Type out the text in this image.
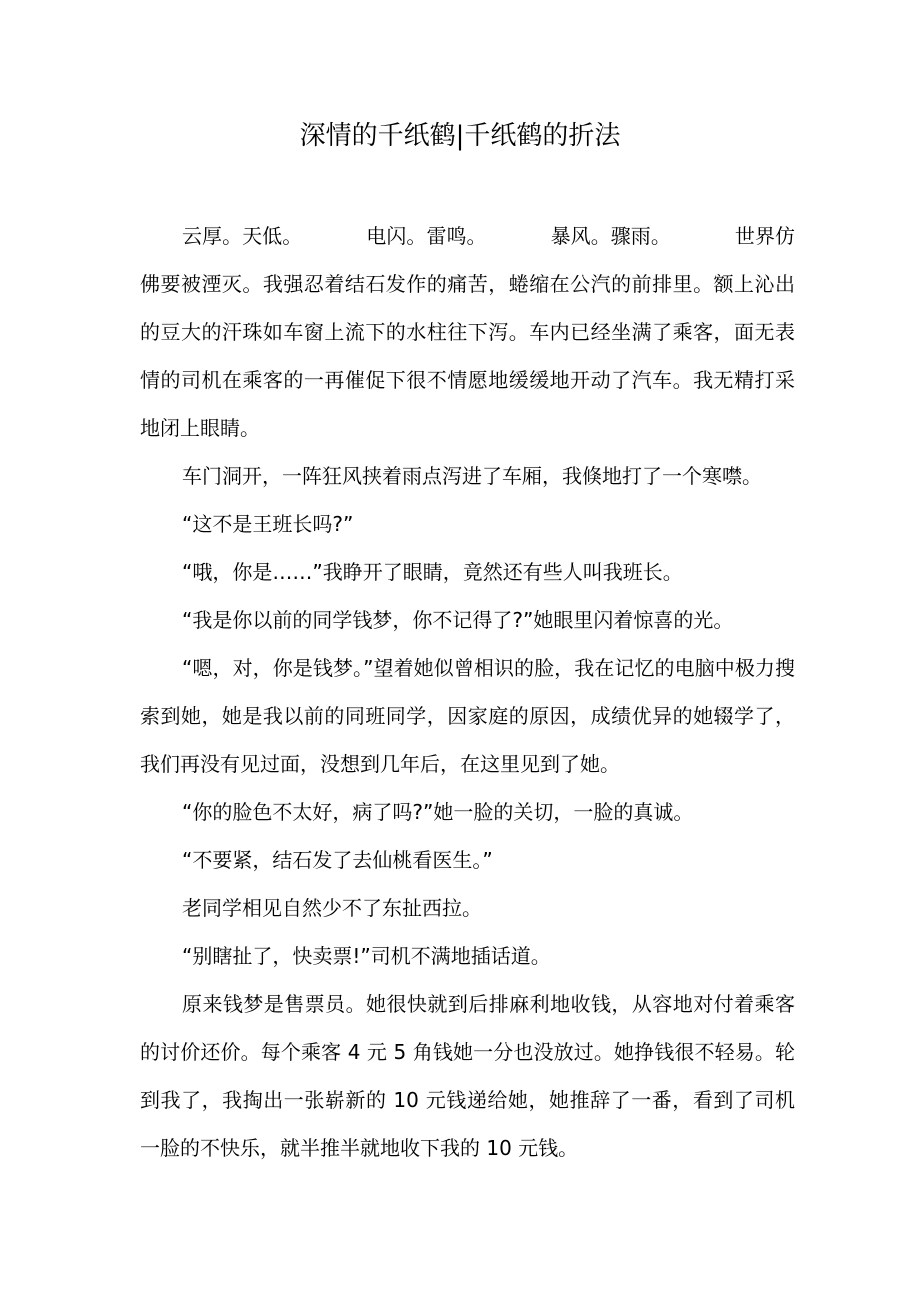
深情的千纸鹤|千纸鹤的折法

云厚。天低。	电闪。雷鸣。	暴风。骤雨。	世界仿佛要被湮灭。我强忍着结石发作的痛苦，蜷缩在公汽的前排里。额上沁出的豆大的汗珠如车窗上流下的水柱往下泻。车内已经坐满了乘客，面无表情的司机在乘客的一再催促下很不情愿地缓缓地开动了汽车。我无精打采地闭上眼睛。

车门洞开，一阵狂风挟着雨点泻进了车厢，我倏地打了一个寒噤。

“这不是王班长吗?”

“哦，你是……”我睁开了眼睛，竟然还有些人叫我班长。

“我是你以前的同学钱梦，你不记得了?”她眼里闪着惊喜的光。

“嗯，对，你是钱梦。”望着她似曾相识的脸，我在记忆的电脑中极力搜索到她，她是我以前的同班同学，因家庭的原因，成绩优异的她辍学了，我们再没有见过面，没想到几年后，在这里见到了她。

“你的脸色不太好，病了吗?”她一脸的关切，一脸的真诚。

“不要紧，结石发了去仙桃看医生。”

老同学相见自然少不了东扯西拉。

“别瞎扯了，快卖票!”司机不满地插话道。

原来钱梦是售票员。她很快就到后排麻利地收钱，从容地对付着乘客的讨价还价。每个乘客 4 元 5 角钱她一分也没放过。她挣钱很不轻易。轮到我了，我掏出一张崭新的 10 元钱递给她，她推辞了一番，看到了司机一脸的不快乐，就半推半就地收下我的 10 元钱。
